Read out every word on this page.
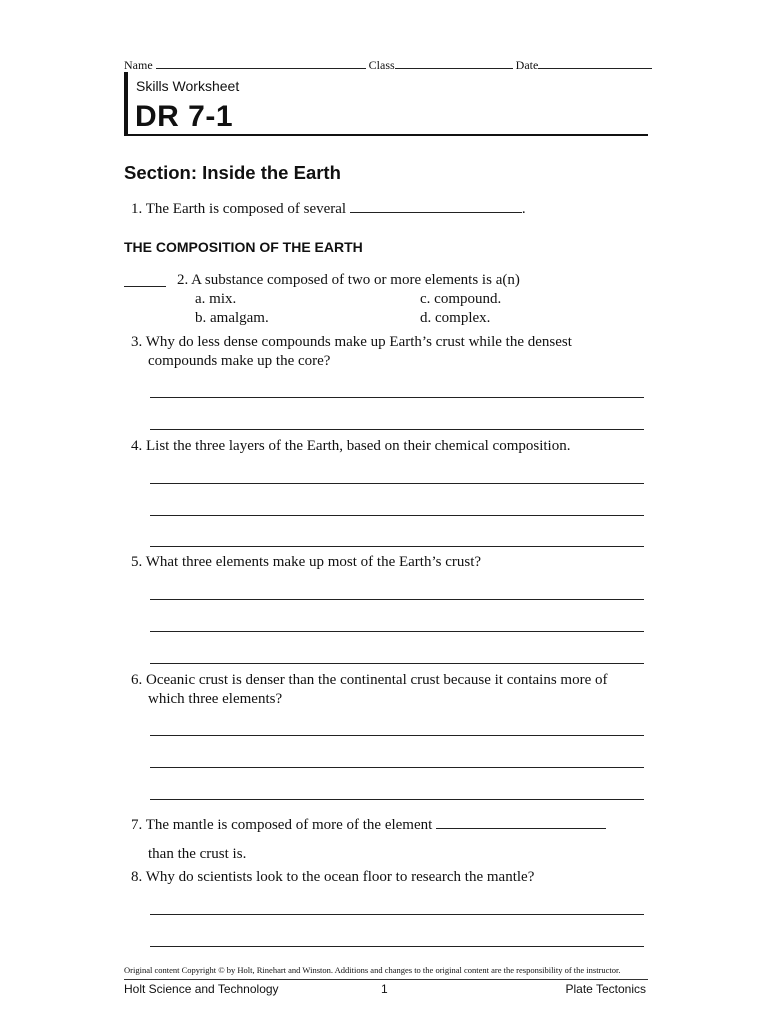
Name	Class	Date
Skills Worksheet
DR 7-1
Section: Inside the Earth
1. The Earth is composed of several	.
THE COMPOSITION OF THE EARTH
2. A substance composed of two or more elements is a(n)
a. mix.	c. compound.
b. amalgam.	d. complex.
3. Why do less dense compounds make up Earth’s crust while the densest
compounds make up the core?
4. List the three layers of the Earth, based on their chemical composition.
5. What three elements make up most of the Earth’s crust?
6. Oceanic crust is denser than the continental crust because it contains more of
which three elements?
7. The mantle is composed of more of the element
than the crust is.
8. Why do scientists look to the ocean floor to research the mantle?
Original content Copyright © by Holt, Rinehart and Winston. Additions and changes to the original content are the responsibility of the instructor.
Holt Science and Technology	1	Plate Tectonics
